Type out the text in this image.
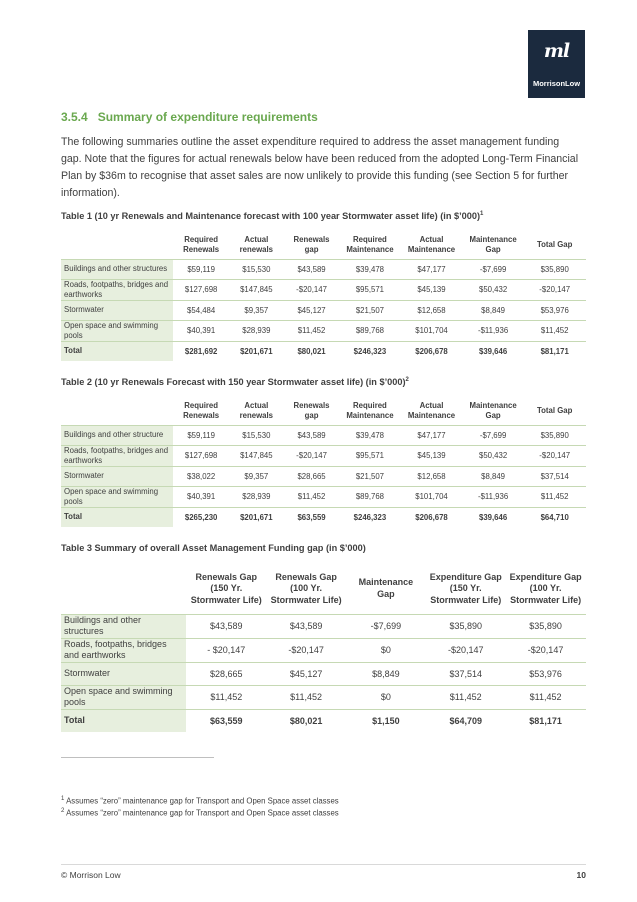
ml
MorrisonLow
3.5.4 Summary of expenditure requirements
The following summaries outline the asset expenditure required to address the asset management funding gap. Note that the figures for actual renewals below have been reduced from the adopted Long-Term Financial Plan by $36m to recognise that asset sales are now unlikely to provide this funding (see Section 5 for further information).
Table 1 (10 yr Renewals and Maintenance forecast with 100 year Stormwater asset life) (in $’000)$^1$
	Required Renewals	Actual renewals	Renewals gap	Required Maintenance	Actual Maintenance	Maintenance Gap	Total Gap
Buildings and other structures	$59,119	$15,530	$43,589	$39,478	$47,177	-$7,699	$35,890
Roads, footpaths, bridges and earthworks	$127,698	$147,845	-$20,147	$95,571	$45,139	$50,432	-$20,147
Stormwater	$54,484	$9,357	$45,127	$21,507	$12,658	$8,849	$53,976
Open space and swimming pools	$40,391	$28,939	$11,452	$89,768	$101,704	-$11,936	$11,452
Total	$281,692	$201,671	$80,021	$246,323	$206,678	$39,646	$81,171
Table 2 (10 yr Renewals Forecast with 150 year Stormwater asset life) (in $’000)$^2$
	Required Renewals	Actual renewals	Renewals gap	Required Maintenance	Actual Maintenance	Maintenance Gap	Total Gap
Buildings and other structure	$59,119	$15,530	$43,589	$39,478	$47,177	-$7,699	$35,890
Roads, footpaths, bridges and earthworks	$127,698	$147,845	-$20,147	$95,571	$45,139	$50,432	-$20,147
Stormwater	$38,022	$9,357	$28,665	$21,507	$12,658	$8,849	$37,514
Open space and swimming pools	$40,391	$28,939	$11,452	$89,768	$101,704	-$11,936	$11,452
Total	$265,230	$201,671	$63,559	$246,323	$206,678	$39,646	$64,710
Table 3 Summary of overall Asset Management Funding gap (in $’000)
	Renewals Gap (150 Yr. Stormwater Life)	Renewals Gap (100 Yr. Stormwater Life)	Maintenance Gap	Expenditure Gap (150 Yr. Stormwater Life)	Expenditure Gap (100 Yr. Stormwater Life)
Buildings and other structures	$43,589	$43,589	-$7,699	$35,890	$35,890
Roads, footpaths, bridges and earthworks	- $20,147	-$20,147	$0	-$20,147	-$20,147
Stormwater	$28,665	$45,127	$8,849	$37,514	$53,976
Open space and swimming pools	$11,452	$11,452	$0	$11,452	$11,452
Total	$63,559	$80,021	$1,150	$64,709	$81,171
$^1$ Assumes “zero” maintenance gap for Transport and Open Space asset classes
$^2$ Assumes “zero” maintenance gap for Transport and Open Space asset classes
© Morrison Low	10
